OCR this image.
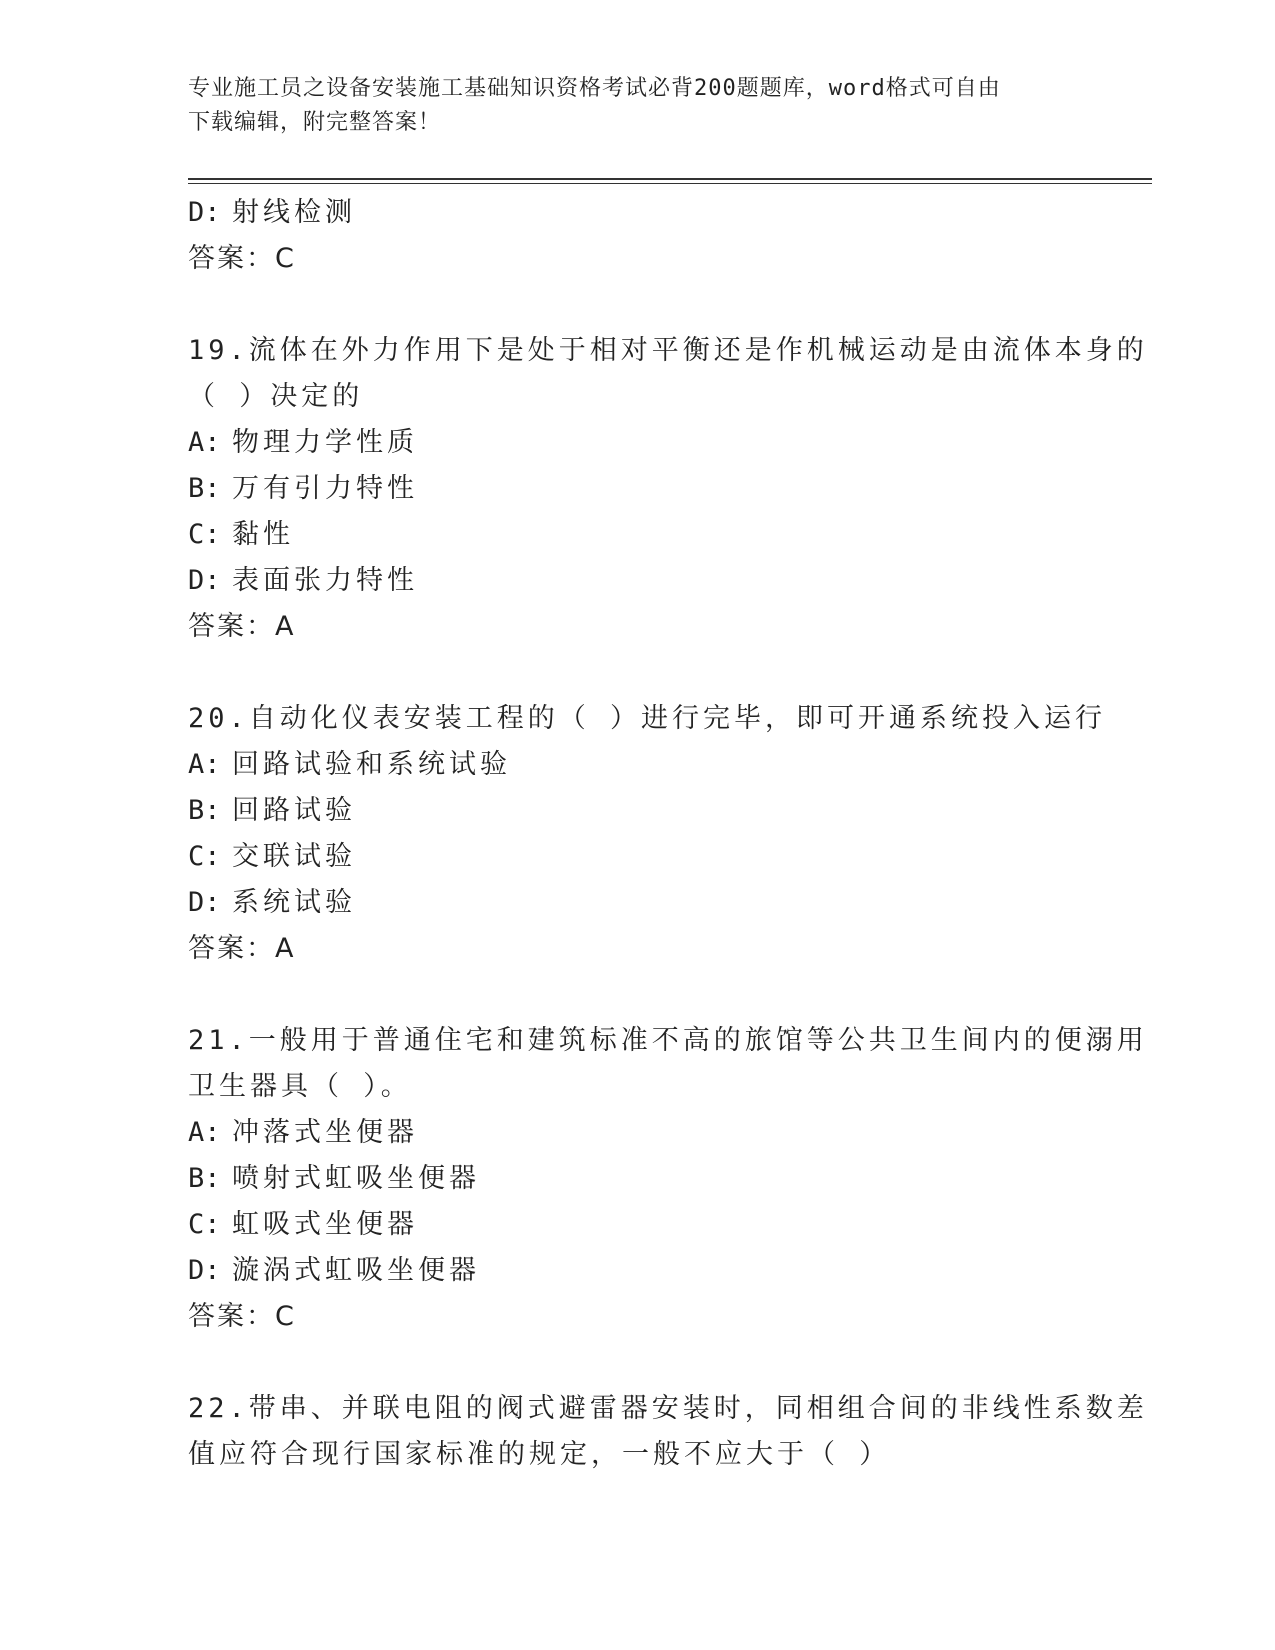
专业施工员之设备安装施工基础知识资格考试必背200题题库，word格式可自由
下载编辑，附完整答案！
D: 射线检测
答案：C
19.流体在外力作用下是处于相对平衡还是作机械运动是由流体本身的
（ ）决定的
A: 物理力学性质
B: 万有引力特性
C: 黏性
D: 表面张力特性
答案：A
20.自动化仪表安装工程的（ ）进行完毕，即可开通系统投入运行
A: 回路试验和系统试验
B: 回路试验
C: 交联试验
D: 系统试验
答案：A
21.一般用于普通住宅和建筑标准不高的旅馆等公共卫生间内的便溺用
卫生器具（ ）。
A: 冲落式坐便器
B: 喷射式虹吸坐便器
C: 虹吸式坐便器
D: 漩涡式虹吸坐便器
答案：C
22.带串、并联电阻的阀式避雷器安装时，同相组合间的非线性系数差
值应符合现行国家标准的规定，一般不应大于（ ）
